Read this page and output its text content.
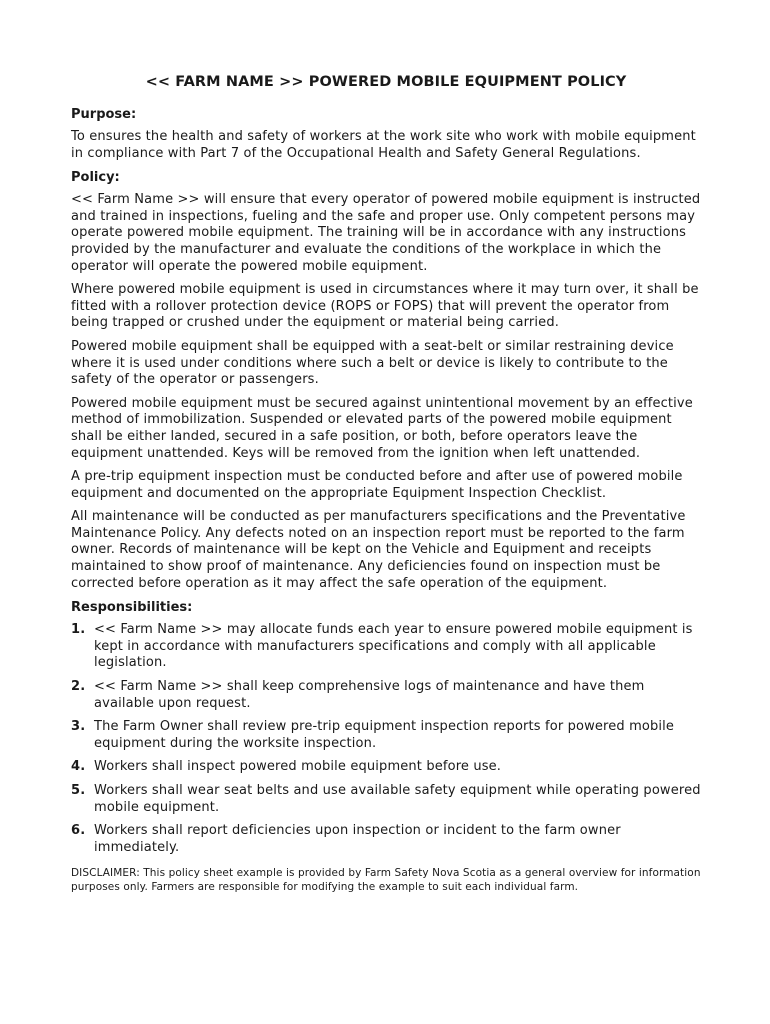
<< FARM NAME >> POWERED MOBILE EQUIPMENT POLICY
Purpose:

To ensures the health and safety of workers at the work site who work with mobile equipment in compliance with Part 7 of the Occupational Health and Safety General Regulations.

Policy:

<< Farm Name >> will ensure that every operator of powered mobile equipment is instructed and trained in inspections, fueling and the safe and proper use. Only competent persons may operate powered mobile equipment. The training will be in accordance with any instructions provided by the manufacturer and evaluate the conditions of the workplace in which the operator will operate the powered mobile equipment.

Where powered mobile equipment is used in circumstances where it may turn over, it shall be fitted with a rollover protection device (ROPS or FOPS) that will prevent the operator from being trapped or crushed under the equipment or material being carried.

Powered mobile equipment shall be equipped with a seat-belt or similar restraining device where it is used under conditions where such a belt or device is likely to contribute to the safety of the operator or passengers.

Powered mobile equipment must be secured against unintentional movement by an effective method of immobilization. Suspended or elevated parts of the powered mobile equipment shall be either landed, secured in a safe position, or both, before operators leave the equipment unattended. Keys will be removed from the ignition when left unattended.

A pre-trip equipment inspection must be conducted before and after use of powered mobile equipment and documented on the appropriate Equipment Inspection Checklist.

All maintenance will be conducted as per manufacturers specifications and the Preventative Maintenance Policy. Any defects noted on an inspection report must be reported to the farm owner. Records of maintenance will be kept on the Vehicle and Equipment and receipts maintained to show proof of maintenance. Any deficiencies found on inspection must be corrected before operation as it may affect the safe operation of the equipment.

Responsibilities:
1. << Farm Name >> may allocate funds each year to ensure powered mobile equipment is kept in accordance with manufacturers specifications and comply with all applicable legislation.
2. << Farm Name >> shall keep comprehensive logs of maintenance and have them available upon request.
3. The Farm Owner shall review pre-trip equipment inspection reports for powered mobile equipment during the worksite inspection.
4. Workers shall inspect powered mobile equipment before use.
5. Workers shall wear seat belts and use available safety equipment while operating powered mobile equipment.
6. Workers shall report deficiencies upon inspection or incident to the farm owner immediately.
DISCLAIMER: This policy sheet example is provided by Farm Safety Nova Scotia as a general overview for information purposes only. Farmers are responsible for modifying the example to suit each individual farm.
